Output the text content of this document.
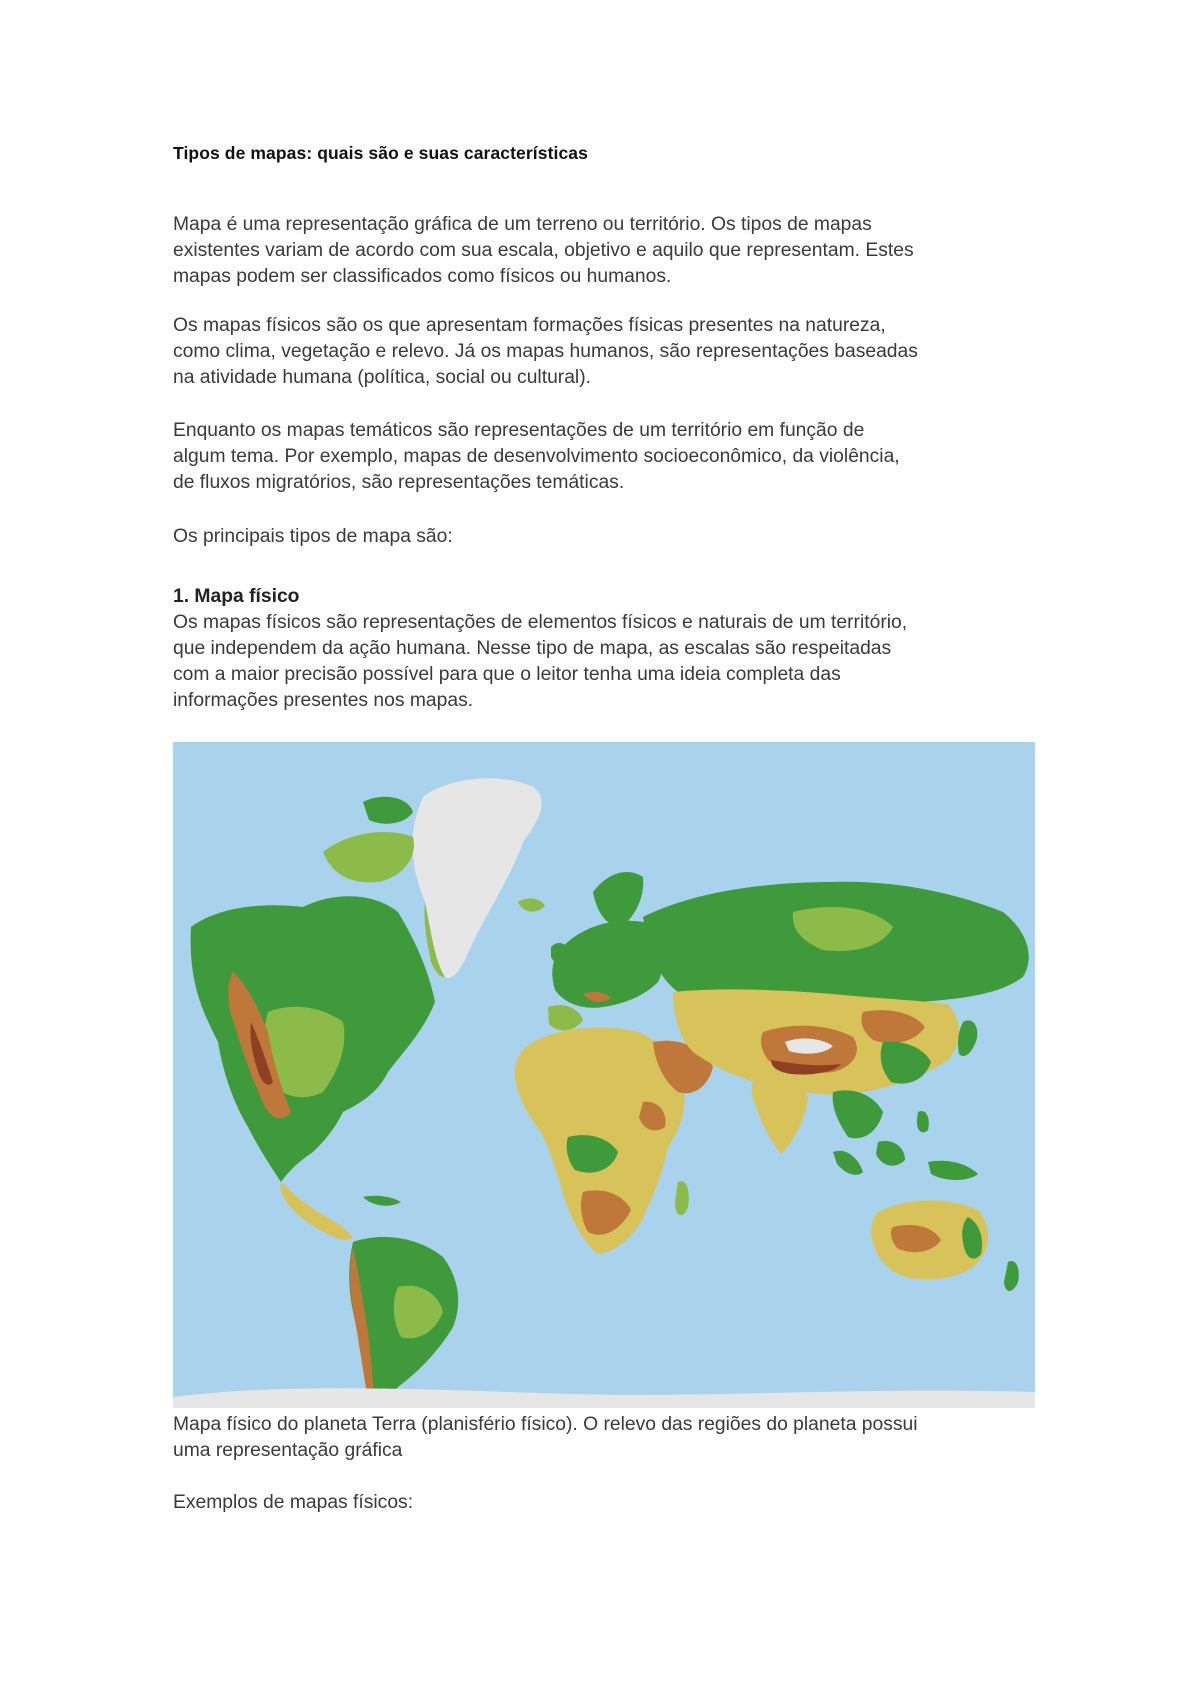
Tipos de mapas: quais são e suas características

Mapa é uma representação gráfica de um terreno ou território. Os tipos de mapas
existentes variam de acordo com sua escala, objetivo e aquilo que representam. Estes
mapas podem ser classificados como físicos ou humanos.

Os mapas físicos são os que apresentam formações físicas presentes na natureza,
como clima, vegetação e relevo. Já os mapas humanos, são representações baseadas
na atividade humana (política, social ou cultural).

Enquanto os mapas temáticos são representações de um território em função de
algum tema. Por exemplo, mapas de desenvolvimento socioeconômico, da violência,
de fluxos migratórios, são representações temáticas.

Os principais tipos de mapa são:

1. Mapa físico

Os mapas físicos são representações de elementos físicos e naturais de um território,
que independem da ação humana. Nesse tipo de mapa, as escalas são respeitadas
com a maior precisão possível para que o leitor tenha uma ideia completa das
informações presentes nos mapas.

Mapa físico do planeta Terra (planisfério físico). O relevo das regiões do planeta possui
uma representação gráfica

Exemplos de mapas físicos:
